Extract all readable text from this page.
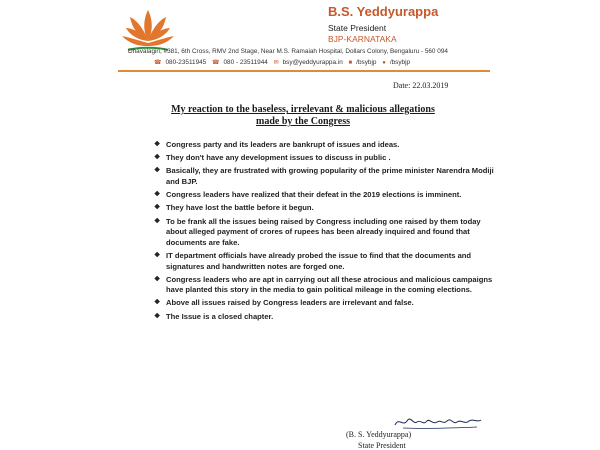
B.S. Yeddyurappa
State President
BJP-KARNATAKA
Dhavalagiri, #381, 6th Cross, RMV 2nd Stage, Near M.S. Ramaiah Hospital, Dollars Colony, Bengaluru - 560 094
☎ 080-23511945 ☎ 080 - 23511944 ✉ bsy@yeddyurappa.in ■ /bsybjp ● /bsybjp
Date: 22.03.2019
My reaction to the baseless, irrelevant & malicious allegations
made by the Congress
❖ Congress party and its leaders are bankrupt of issues and ideas.
❖ They don't have any development issues to discuss in public .
❖ Basically, they are frustrated with growing popularity of the prime minister Narendra Modiji and BJP.
❖ Congress leaders have realized that their defeat in the 2019 elections is imminent.
❖ They have lost the battle before it begun.
❖ To be frank all the issues being raised by Congress including one raised by them today about alleged payment of crores of rupees has been already inquired and found that documents are fake.
❖ IT department officials have already probed the issue to find that the documents and signatures and handwritten notes are forged one.
❖ Congress leaders who are apt in carrying out all these atrocious and malicious campaigns have planted this story in the media to gain political mileage in the coming elections.
❖ Above all issues raised by Congress leaders are irrelevant and false.
❖ The Issue is a closed chapter.
(B. S. Yeddyurappa)
State President
